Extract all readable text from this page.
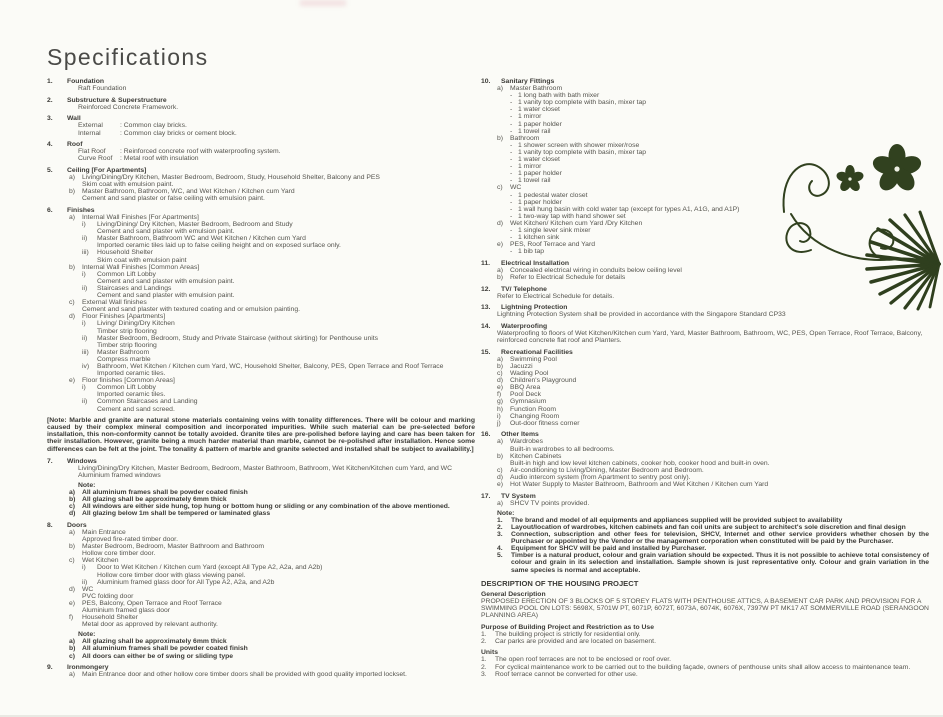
Specifications
1.	Foundation
Raft Foundation
2.	Substructure & Superstructure
Reinforced Concrete Framework.
3.	Wall
External	: Common clay bricks.
Internal	: Common clay bricks or cement block.
4.	Roof
Flat Roof	: Reinforced concrete roof with waterproofing system.
Curve Roof	: Metal roof with insulation
5.	Ceiling [For Apartments]
a)	Living/Dining/Dry Kitchen, Master Bedroom, Bedroom, Study, Household Shelter, Balcony and PES
Skim coat with emulsion paint.
b)	Master Bathroom, Bathroom, WC, and Wet Kitchen / Kitchen cum Yard
Cement and sand plaster or false ceiling with emulsion paint.
6.	Finishes
a)	Internal Wall Finishes [For Apartments]
i)	Living/Dining/ Dry Kitchen, Master Bedroom, Bedroom and Study
Cement and sand plaster with emulsion paint.
ii)	Master Bathroom, Bathroom WC and Wet Kitchen / Kitchen cum Yard
Imported ceramic tiles laid up to false ceiling height and on exposed surface only.
iii)	Household Shelter
Skim coat with emulsion paint
b)	Internal Wall Finishes [Common Areas]
i)	Common Lift Lobby
Cement and sand plaster with emulsion paint.
ii)	Staircases and Landings
Cement and sand plaster with emulsion paint.
c)	External Wall finishes
Cement and sand plaster with textured coating and or emulsion painting.
d)	Floor Finishes [Apartments]
i)	Living/ Dining/Dry Kitchen
Timber strip flooring
ii)	Master Bedroom, Bedroom, Study and Private Staircase (without skirting) for Penthouse units
Timber strip flooring
iii)	Master Bathroom
Compress marble
iv)	Bathroom, Wet Kitchen / Kitchen cum Yard, WC, Household Shelter, Balcony, PES, Open Terrace and Roof Terrace
Imported ceramic tiles.
e)	Floor finishes [Common Areas]
i)	Common Lift Lobby
Imported ceramic tiles.
ii)	Common Staircases and Landing
Cement and sand screed.
[Note: Marble and granite are natural stone materials containing veins with tonality differences. There will be colour and marking caused by their complex mineral composition and incorporated impurities. While such material can be pre-selected before installation, this non-conformity cannot be totally avoided. Granite tiles are pre-polished before laying and care has been taken for their installation. However, granite being a much harder material than marble, cannot be re-polished after installation. Hence some differences can be felt at the joint. The tonality & pattern of marble and granite selected and installed shall be subject to availability.]
7.	Windows
Living/Dining/Dry Kitchen, Master Bedroom, Bedroom, Master Bathroom, Bathroom, Wet Kitchen/Kitchen cum Yard, and WC
Aluminium framed windows
Note:
a)	All aluminium frames shall be powder coated finish
b) All glazing shall be approximately 6mm thick
c)	All windows are either side hung, top hung or bottom hung or sliding or any combination of the above mentioned.
d) All glazing below 1m shall be tempered or laminated glass
8.	Doors
a)	Main Entrance
Approved fire-rated timber door.
b)	Master Bedroom, Bedroom, Master Bathroom and Bathroom
Hollow core timber door.
c)	Wet Kitchen
i)	Door to Wet Kitchen / Kitchen cum Yard (except All Type A2, A2a, and A2b)
Hollow core timber door with glass viewing panel.
ii)	Aluminium framed glass door for All Type A2, A2a, and A2b
d)	WC
PVC folding door
e)	PES, Balcony, Open Terrace and Roof Terrace
Aluminium framed glass door
f)	Household Shelter
Metal door as approved by relevant authority.
Note:
a)	All glazing shall be approximately 6mm thick
b) All aluminium frames shall be powder coated finish
c)	All doors can either be of swing or sliding type
9.	Ironmongery
a)	Main Entrance door and other hollow core timber doors shall be provided with good quality imported lockset.
10.	Sanitary Fittings
a)	Master Bathroom
- 1 long bath with bath mixer
- 1 vanity top complete with basin, mixer tap
- 1 water closet
- 1 mirror
- 1 paper holder
- 1 towel rail
b)	Bathroom
- 1 shower screen with shower mixer/rose
- 1 vanity top complete with basin, mixer tap
- 1 water closet
- 1 mirror
- 1 paper holder
- 1 towel rail
c)	WC
- 1 pedestal water closet
- 1 paper holder
- 1 wall hung basin with cold water tap (except for types A1, A1G, and A1P)
- 1 two-way tap with hand shower set
d)	Wet Kitchen/ Kitchen cum Yard /Dry Kitchen
- 1 single lever sink mixer
- 1 kitchen sink
e)	PES, Roof Terrace and Yard
- 1 bib tap
11.	Electrical Installation
a)	Concealed electrical wiring in conduits below ceiling level
b)	Refer to Electrical Schedule for details
12.	TV/ Telephone
Refer to Electrical Schedule for details.
13.	Lightning Protection
Lightning Protection System shall be provided in accordance with the Singapore Standard CP33
14.	Waterproofing
Waterproofing to floors of Wet Kitchen/Kitchen cum Yard, Yard, Master Bathroom, Bathroom, WC, PES, Open Terrace, Roof Terrace, Balcony, reinforced concrete flat roof and Planters.
15.	Recreational Facilities
a)	Swimming Pool
b)	Jacuzzi
c)	Wading Pool
d)	Children's Playground
e)	BBQ Area
f)	Pool Deck
g)	Gymnasium
h)	Function Room
i)	Changing Room
j)	Out-door fitness corner
16.	Other Items
a)	Wardrobes
Built-in wardrobes to all bedrooms.
b)	Kitchen Cabinets
Built-in high and low level kitchen cabinets, cooker hob, cooker hood and built-in oven.
c)	Air-conditioning to Living/Dining, Master Bedroom and Bedroom.
d)	Audio intercom system (from Apartment to sentry post only).
e)	Hot Water Supply to Master Bathroom, Bathroom and Wet Kitchen / Kitchen cum Yard
17.	TV System
a)	SHCV TV points provided.
Note:
1.	The brand and model of all equipments and appliances supplied will be provided subject to availability
2.	Layout/location of wardrobes, kitchen cabinets and fan coil units are subject to architect's sole discretion and final design
3.	Connection, subscription and other fees for television, SHCV, Internet and other service providers whether chosen by the Purchaser or appointed by the Vendor or the management corporation when constituted will be paid by the Purchaser.
4.	Equipment for SHCV will be paid and installed by Purchaser.
5.	Timber is a natural product, colour and grain variation should be expected. Thus it is not possible to achieve total consistency of colour and grain in its selection and installation. Sample shown is just representative only. Colour and grain variation in the same species is normal and acceptable.
DESCRIPTION OF THE HOUSING PROJECT
General Description
PROPOSED ERECTION OF 3 BLOCKS OF 5 STOREY FLATS WITH PENTHOUSE ATTICS, A BASEMENT CAR PARK AND PROVISION FOR A SWIMMING POOL ON LOTS: 5698X, 5701W PT, 6071P, 6072T, 6073A, 6074K, 6076X, 7397W PT MK17 AT SOMMERVILLE ROAD (SERANGOON PLANNING AREA)
Purpose of Building Project and Restriction as to Use
1.	The building project is strictly for residential only.
2.	Car parks are provided and are located on basement.
Units
1.	The open roof terraces are not to be enclosed or roof over.
2.	For cyclical maintenance work to be carried out to the building façade, owners of penthouse units shall allow access to maintenance team.
3.	Roof terrace cannot be converted for other use.
